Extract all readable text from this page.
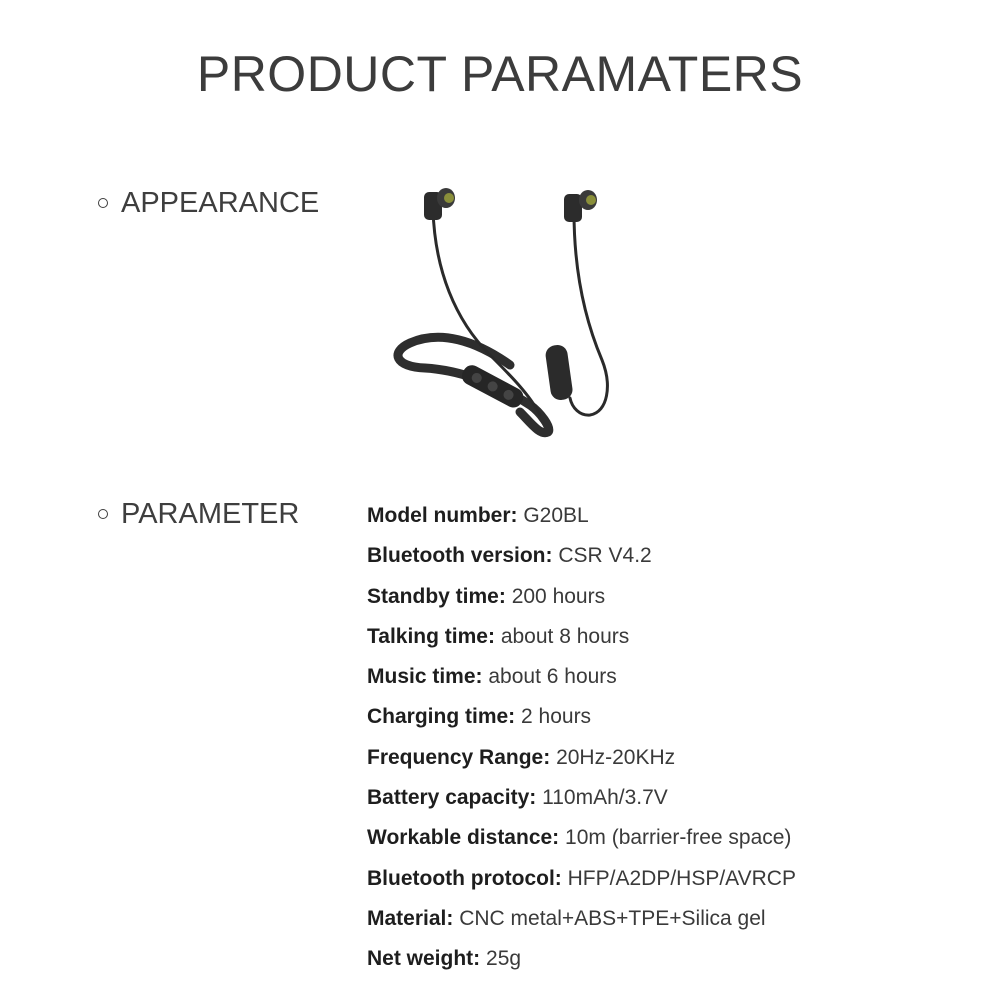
PRODUCT PARAMATERS
APPEARANCE
PARAMETER	Model number: G20BL
Bluetooth version: CSR V4.2
Standby time: 200 hours
Talking time: about 8 hours
Music time: about 6 hours
Charging time: 2 hours
Frequency Range: 20Hz-20KHz
Battery capacity: 110mAh/3.7V
Workable distance: 10m (barrier-free space)
Bluetooth protocol: HFP/A2DP/HSP/AVRCP
Material: CNC metal+ABS+TPE+Silica gel
Net weight: 25g
